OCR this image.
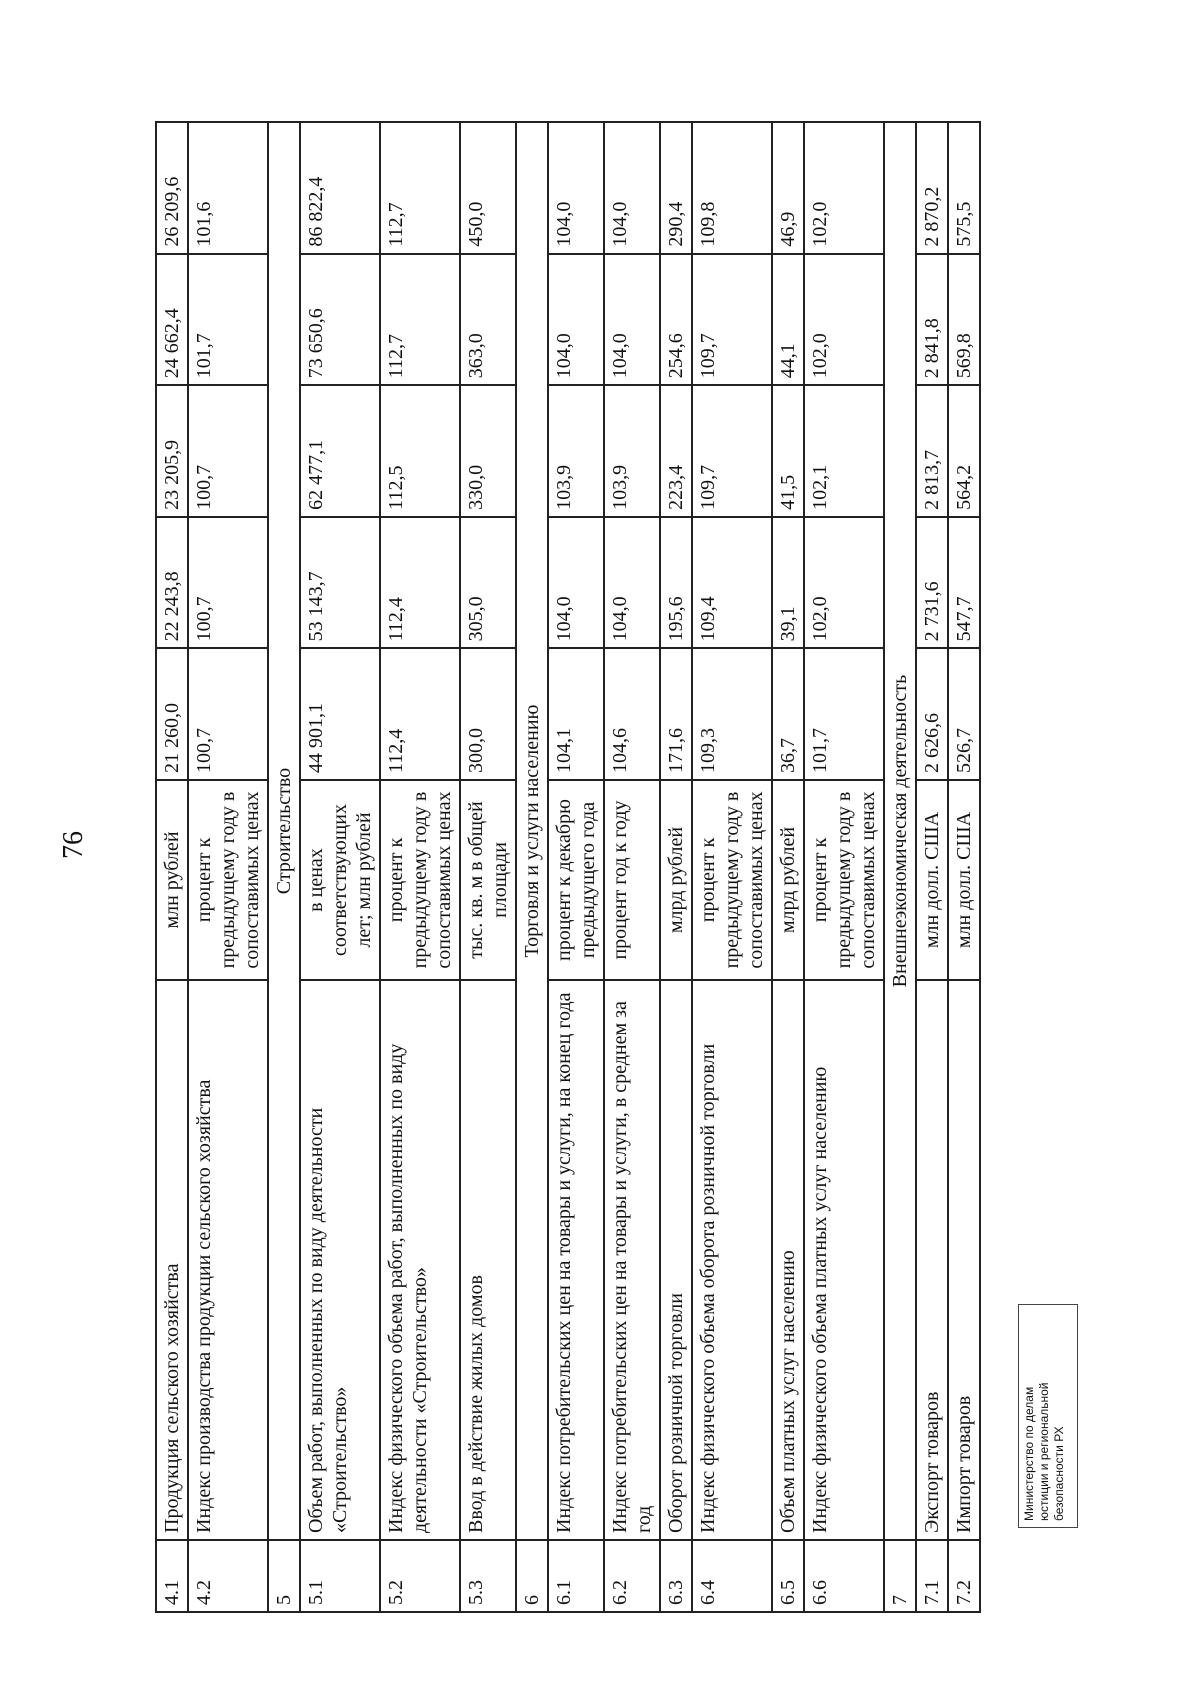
76
4.1	Продукция сельского хозяйства	млн рублей	21 260,0	22 243,8	23 205,9	24 662,4	26 209,6
4.2	Индекс производства продукции сельского хозяйства	процент к предыдущему году в сопоставимых ценах	100,7	100,7	100,7	101,7	101,6
5	Строительство						
5.1	Объем работ, выполненных по виду деятельности «Строительство»	в ценах соответствующих лет; млн рублей	44 901,1	53 143,7	62 477,1	73 650,6	86 822,4
5.2	Индекс физического объема работ, выполненных по виду деятельности «Строительство»	процент к предыдущему году в сопоставимых ценах	112,4	112,4	112,5	112,7	112,7
5.3	Ввод в действие жилых домов	тыс. кв. м в общей площади	300,0	305,0	330,0	363,0	450,0
6	Торговля и услуги населению						
6.1	Индекс потребительских цен на товары и услуги, на конец года	процент к декабрю предыдущего года	104,1	104,0	103,9	104,0	104,0
6.2	Индекс потребительских цен на товары и услуги, в среднем за год	процент год к году	104,6	104,0	103,9	104,0	104,0
6.3	Оборот розничной торговли	млрд рублей	171,6	195,6	223,4	254,6	290,4
6.4	Индекс физического объема оборота розничной торговли	процент к предыдущему году в сопоставимых ценах	109,3	109,4	109,7	109,7	109,8
6.5	Объем платных услуг населению	млрд рублей	36,7	39,1	41,5	44,1	46,9
6.6	Индекс физического объема платных услуг населению	процент к предыдущему году в сопоставимых ценах	101,7	102,0	102,1	102,0	102,0
7	Внешнеэкономическая деятельность						
7.1	Экспорт товаров	млн долл. США	2 626,6	2 731,6	2 813,7	2 841,8	2 870,2
7.2	Импорт товаров	млн долл. США	526,7	547,7	564,2	569,8	575,5
Министерство по делам юстиции и региональной безопасности РХ
